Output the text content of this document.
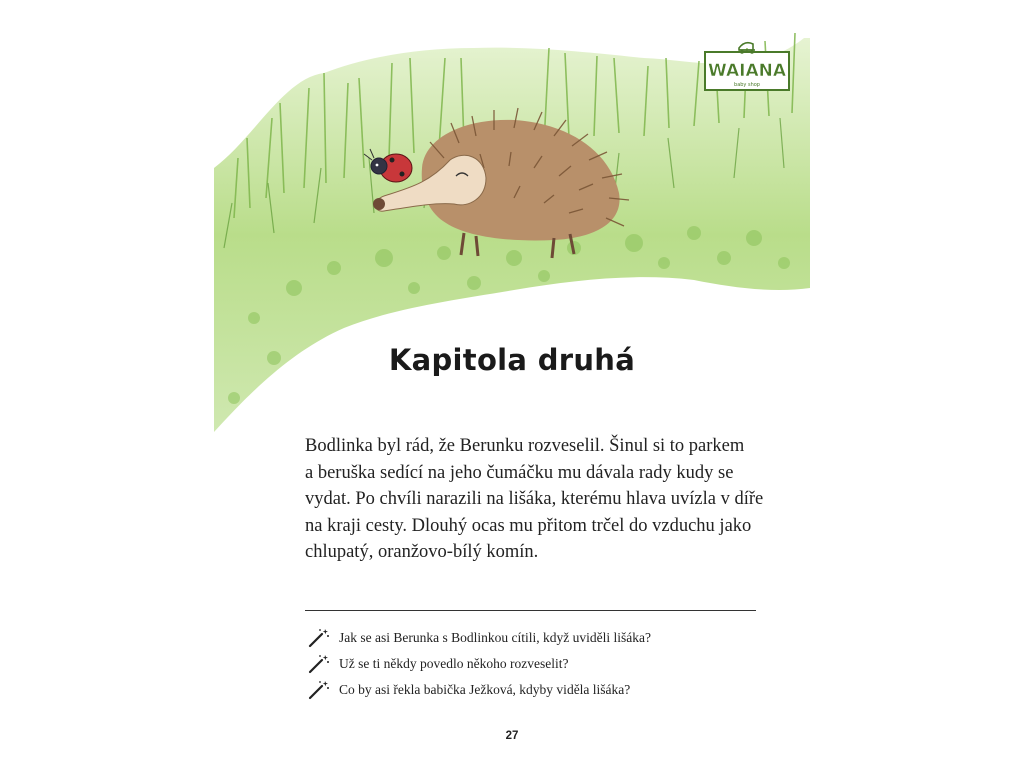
WAIANA
baby shop
Kapitola druhá

Bodlinka byl rád, že Berunku rozveselil. Šinul si to parkem
a beruška sedící na jeho čumáčku mu dávala rady kudy se
vydat. Po chvíli narazili na lišáka, kterému hlava uvízla v díře
na kraji cesty. Dlouhý ocas mu přitom trčel do vzduchu jako
chlupatý, oranžovo-bílý komín.

Jak se asi Berunka s Bodlinkou cítili, když uviděli lišáka?
Už se ti někdy povedlo někoho rozveselit?
Co by asi řekla babička Ježková, kdyby viděla lišáka?
27
